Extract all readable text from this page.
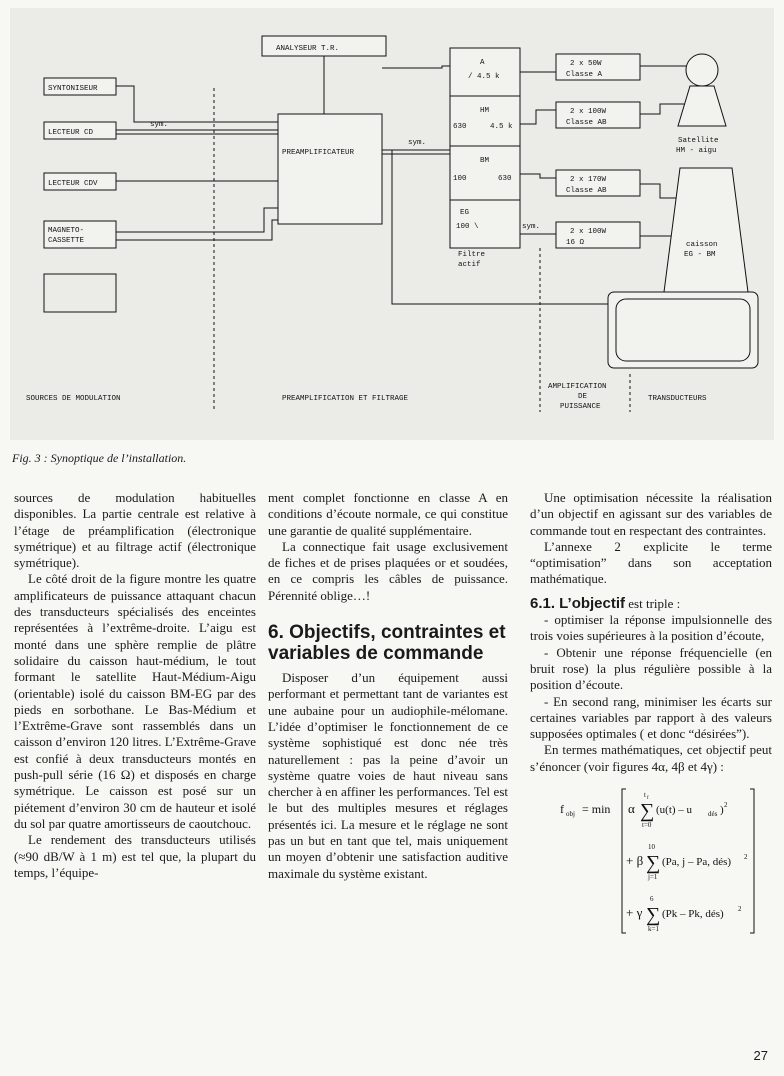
ANALYSEUR T.R.
SYNTONISEUR
LECTEUR CD
LECTEUR CDV
MAGNETO-
CASSETTE
sym.
PREAMPLIFICATEUR
sym.
A
/ 4.5 k
HM
630	4.5 k
BM
100	630
EG
100 \
Filtre
actif
sym.
2 x 50W
Classe A
2 x 100W
Classe AB
2 x 170W
Classe AB
2 x 100W
16 Ω
Satellite
HM - aigu
caisson
EG - BM
SOURCES DE MODULATION	PREAMPLIFICATION ET FILTRAGE
AMPLIFICATION
DE
PUISSANCE
TRANSDUCTEURS
Fig. 3 : Synoptique de l’installation.

sources de modulation habituelles disponibles. La partie centrale est relative à l’étage de préamplification (électronique symétrique) et au filtrage actif (électronique symétrique).

Le côté droit de la figure montre les quatre amplificateurs de puissance attaquant chacun des transducteurs spécialisés des enceintes représentées à l’extrême-droite. L’aigu est monté dans une sphère remplie de plâtre solidaire du caisson haut-médium, le tout formant le satellite Haut-Médium-Aigu (orientable) isolé du caisson BM-EG par des pieds en sorbothane. Le Bas-Médium et l’Extrême-Grave sont rassemblés dans un caisson d’environ 120 litres. L’Extrême-Grave est confié à deux transducteurs montés en push-pull série (16 Ω) et disposés en charge symétrique. Le caisson est posé sur un piétement d’environ 30 cm de hauteur et isolé du sol par quatre amortisseurs de caoutchouc.

Le rendement des transducteurs utilisés (≈90 dB/W à 1 m) est tel que, la plupart du temps, l’équipe-

ment complet fonctionne en classe A en conditions d’écoute normale, ce qui constitue une garantie de qualité supplémentaire.

La connectique fait usage exclusivement de fiches et de prises plaquées or et soudées, en ce compris les câbles de puissance. Pérennité oblige…!

6. Objectifs, contraintes et variables de commande

Disposer d’un équipement aussi performant et permettant tant de variantes est une aubaine pour un audiophile-mélomane. L’idée d’optimiser le fonctionnement de ce système sophistiqué est donc née très naturellement : pas la peine d’avoir un système quatre voies de haut niveau sans chercher à en affiner les performances. Tel est le but des multiples mesures et réglages présentés ici. La mesure et le réglage ne sont pas un but en tant que tel, mais uniquement un moyen d’obtenir une satisfaction auditive maximale du système existant.

Une optimisation nécessite la réalisation d’un objectif en agissant sur des variables de commande tout en respectant des contraintes.

L’annexe 2 explicite le terme “optimisation” dans son acceptation mathématique.

6.1. L’objectif est triple :

- optimiser la réponse impulsionnelle des trois voies supérieures à la position d’écoute,

- Obtenir une réponse fréquencielle (en bruit rose) la plus régulière possible à la position d’écoute.

- En second rang, minimiser les écarts sur certaines variables par rapport à des valeurs supposées optimales ( et donc “désirées”).

En termes mathématiques, cet objectif peut s’énoncer (voir figures 4α, 4β et 4γ) :

f obj = min α ∑
t f
t=0
(u(t) – u dés ) 2
+ β ∑
10
j=1
(Pa, j – Pa, dés) 2
+ γ ∑
6
k=1
(Pk – Pk, dés) 2
27
